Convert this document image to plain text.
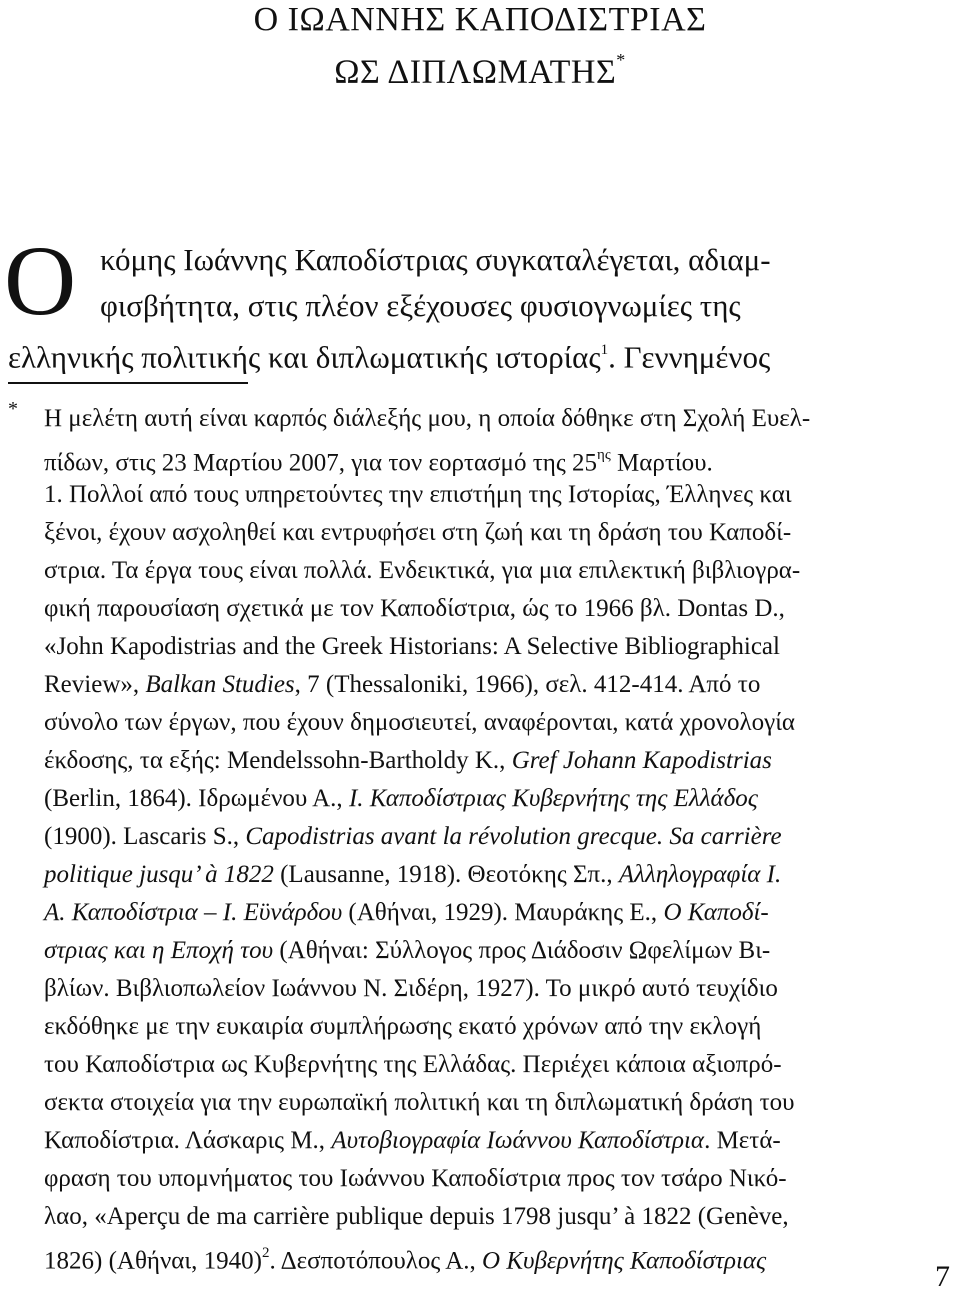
Ο ΙΩΑΝΝΗΣ ΚΑΠΟΔΙΣΤΡΙΑΣ
ΩΣ ΔΙΠΛΩΜΑΤΗΣ*
Ο κόμης Ιωάννης Καποδίστριας συγκαταλέγεται, αδιαμ-
φισβήτητα, στις πλέον εξέχουσες φυσιογνωμίες της
ελληνικής πολιτικής και διπλωματικής ιστορίας$^1$. Γεννημένος
* Η μελέτη αυτή είναι καρπός διάλεξής μου, η οποία δόθηκε στη Σχολή Ευελ-
πίδων, στις 23 Μαρτίου 2007, για τον εορτασμό της $25^{\eta\varsigma}$ Μαρτίου.
1. Πολλοί από τους υπηρετούντες την επιστήμη της Ιστορίας, Έλληνες και
ξένοι, έχουν ασχοληθεί και εντρυφήσει στη ζωή και τη δράση του Καποδί-
στρια. Τα έργα τους είναι πολλά. Ενδεικτικά, για μια επιλεκτική βιβλιογρα-
φική παρουσίαση σχετικά με τον Καποδίστρια, ώς το 1966 βλ. Dontas D.,
«John Kapodistrias and the Greek Historians: A Selective Bibliographical
Review», Balkan Studies, 7 (Thessaloniki, 1966), σελ. 412-414. Από το
σύνολο των έργων, που έχουν δημοσιευτεί, αναφέρονται, κατά χρονολογία
έκδοσης, τα εξής: Mendelssohn-Bartholdy K., Gref Johann Kapodistrias
(Berlin, 1864). Ιδρωμένου Α., Ι. Καποδίστριας Κυβερνήτης της Ελλάδος
(1900). Lascaris S., Capodistrias avant la révolution grecque. Sa carrière
politique jusqu’ à 1822 (Lausanne, 1918). Θεοτόκης Σπ., Αλληλογραφία Ι.
Α. Καποδίστρια – Ι. Εϋνάρδου (Αθήναι, 1929). Μαυράκης Ε., Ο Καποδί-
στριας και η Εποχή του (Αθήναι: Σύλλογος προς Διάδοσιν Ωφελίμων Βι-
βλίων. Βιβλιοπωλείον Ιωάννου Ν. Σιδέρη, 1927). Το μικρό αυτό τευχίδιο
εκδόθηκε με την ευκαιρία συμπλήρωσης εκατό χρόνων από την εκλογή
του Καποδίστρια ως Κυβερνήτης της Ελλάδας. Περιέχει κάποια αξιοπρό-
σεκτα στοιχεία για την ευρωπαϊκή πολιτική και τη διπλωματική δράση του
Καποδίστρια. Λάσκαρις Μ., Αυτοβιογραφία Ιωάννου Καποδίστρια. Μετά-
φραση του υπομνήματος του Ιωάννου Καποδίστρια προς τον τσάρο Νικό-
λαο, «Aperçu de ma carrière publique depuis 1798 jusqu’ à 1822 (Genève,
1826) (Αθήναι, 1940)$^2$. Δεσποτόπουλος Α., Ο Κυβερνήτης Καποδίστριας	7
